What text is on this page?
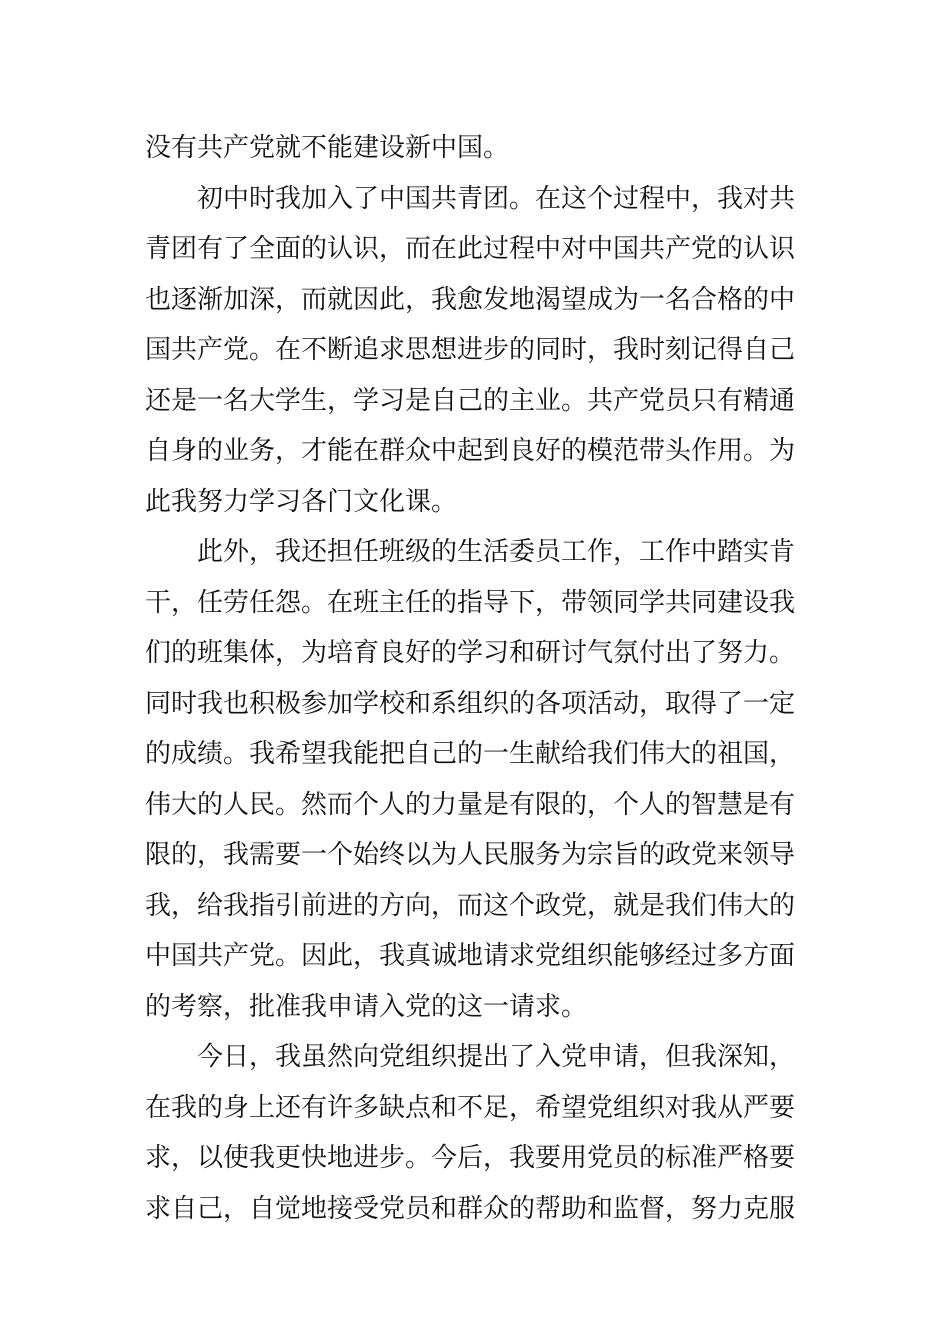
没有共产党就不能建设新中国。
初中时我加入了中国共青团。在这个过程中，我对共
青团有了全面的认识，而在此过程中对中国共产党的认识
也逐渐加深，而就因此，我愈发地渴望成为一名合格的中
国共产党。在不断追求思想进步的同时，我时刻记得自己
还是一名大学生，学习是自己的主业。共产党员只有精通
自身的业务，才能在群众中起到良好的模范带头作用。为
此我努力学习各门文化课。
此外，我还担任班级的生活委员工作，工作中踏实肯
干，任劳任怨。在班主任的指导下，带领同学共同建设我
们的班集体，为培育良好的学习和研讨气氛付出了努力。
同时我也积极参加学校和系组织的各项活动，取得了一定
的成绩。我希望我能把自己的一生献给我们伟大的祖国，
伟大的人民。然而个人的力量是有限的，个人的智慧是有
限的，我需要一个始终以为人民服务为宗旨的政党来领导
我，给我指引前进的方向，而这个政党，就是我们伟大的
中国共产党。因此，我真诚地请求党组织能够经过多方面
的考察，批准我申请入党的这一请求。
今日，我虽然向党组织提出了入党申请，但我深知，
在我的身上还有许多缺点和不足，希望党组织对我从严要
求，以使我更快地进步。今后，我要用党员的标准严格要
求自己，自觉地接受党员和群众的帮助和监督，努力克服
